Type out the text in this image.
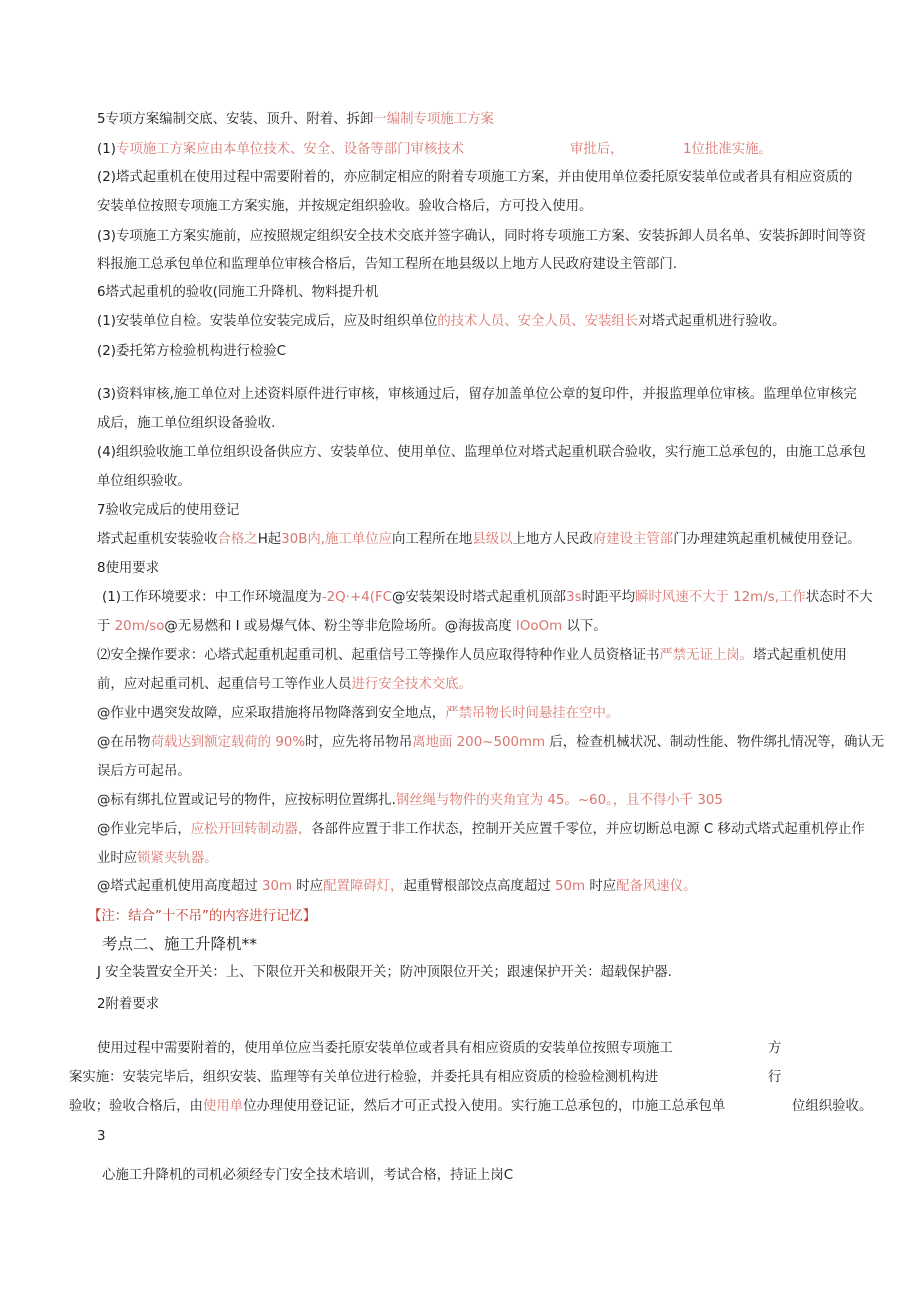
5专项方案编制交底、安装、顶升、附着、拆卸一编制专项施工方案
(1)专项施工方案应由本单位技术、安全、设备等部门审核技术	审批后，	1位批准实施。
(2)塔式起重机在使用过程中需要附着的，亦应制定相应的附着专项施工方案，并由使用单位委托原安装单位或者具有相应资质的
安装单位按照专项施工方案实施，并按规定组织验收。验收合格后，方可投入使用。
(3)专项施工方案实施前，应按照规定组织安全技术交底并签字确认，同时将专项施工方案、安装拆卸人员名单、安装拆卸时间等资
料报施工总承包单位和监理单位审核合格后，告知工程所在地县级以上地方人民政府建设主管部门.
6塔式起重机的验收(同施工升降机、物料提升机
(1)安装单位自检。安装单位安装完成后，应及时组织单位的技术人员、安全人员、安装组长对塔式起重机进行验收。
(2)委托笫方检验机构进行检验C
(3)资料审核,施工单位对上述资料原件进行审核，审核通过后，留存加盖单位公章的复印件，并报监理单位审核。监理单位审核完
成后，施工单位组织设备验收.
(4)组织验收施工单位组织设备供应方、安装单位、使用单位、监理单位对塔式起重机联合验收，实行施工总承包的，由施工总承包
单位组织验收。
7验收完成后的使用登记
塔式起重机安装验收合格之H起30B内,施工单位应向工程所在地县级以上地方人民政府建设主管部门办理建筑起重机械使用登记。
8使用要求
(1)工作环境要求：中工作环境温度为-2Q·+4(FC@安装架设时塔式起重机顶部3s时距平均瞬时风速不大于 12m/s,工作状态时不大
于 20m/so@无易燃和 I 或易爆气体、粉尘等非危险场所。@海拔高度 IOoOm 以下。
⑵安全操作要求：心塔式起重机起重司机、起重信号工等操作人员应取得特种作业人员资格证书严禁无证上岗。塔式起重机使用
前，应对起重司机、起重信号工等作业人员进行安全技术交底。
@作业中遇突发故障，应采取措施将吊物降落到安全地点，严禁吊物长时间悬挂在空中。
@在吊物荷载达到额定载荷的 90%时，应先将吊物吊离地面 200~500mm 后，检查机械状况、制动性能、物件绑扎情况等，确认无
误后方可起吊。
@标有绑扎位置或记号的物件，应按标明位置绑扎.钢丝绳与物件的夹角宜为 45。~60。，且不得小千 305
@作业完毕后，应松开回转制动器，各部件应置于非工作状态，控制开关应置千零位，并应切断总电源 C 移动式塔式起重机停止作
业时应锁紧夹轨器。
@塔式起重机使用高度超过 30m 时应配置障碍灯，起重臂根部饺点高度超过 50m 时应配备风速仪。
【注：结合”十不吊”的内容进行记忆】
考点二、施工升降机**
J 安全装置安全开关：上、下限位开关和极限开关；防冲顶限位开关；跟速保护开关：超载保护器.
2附着要求
使用过程中需要附着的，使用单位应当委托原安装单位或者具有相应资质的安装单位按照专项施工	方
案实施：安装完毕后，组织安装、监理等有关单位进行检验，并委托具有相应资质的检验检测机构进	行
验收；验收合格后，由使用单位办理使用登记证，然后才可正式投入使用。实行施工总承包的，巾施工总承包单	位组织验收。
3
心施工升降机的司机必须经专门安全技术培训，考试合格，持证上岗C
